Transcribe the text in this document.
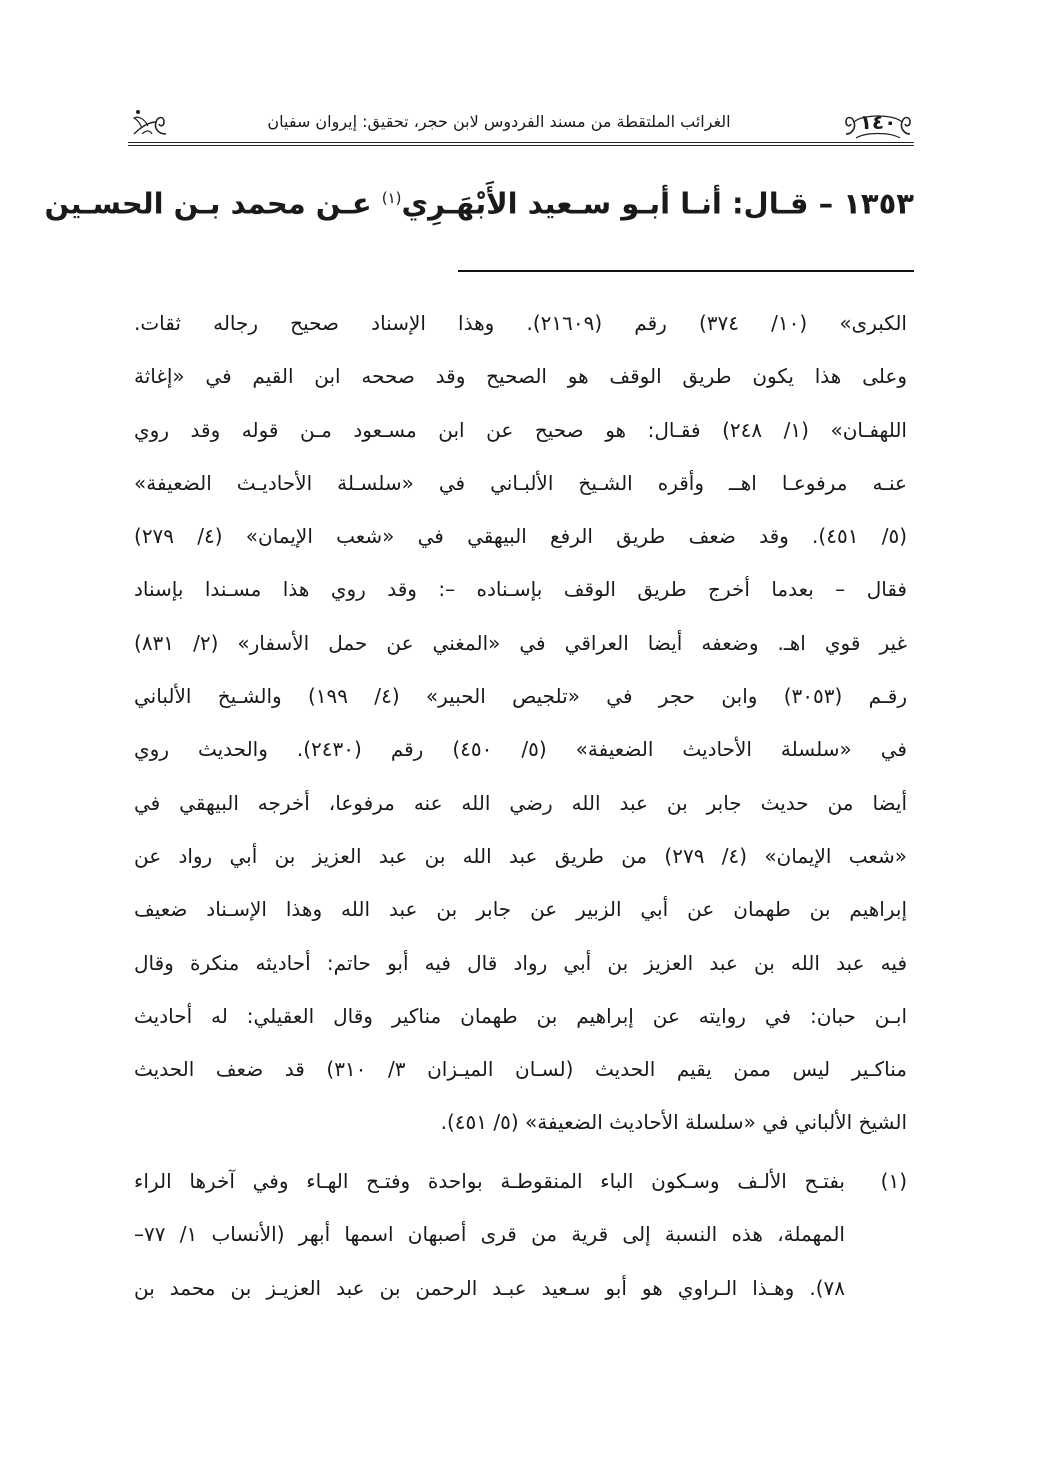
الغرائب الملتقطة من مسند الفردوس لابن حجر، تحقيق: إيروان سفيان	١٤٠
١٣٥٣ – قـال: أنـا أبـو سـعيد الأَبْهَـرِي$^{(١)}$ عـن محمد بـن الحسـين
الكبرى» (١٠/ ٣٧٤) رقم (٢١٦٠٩). وهذا الإسناد صحيح رجاله ثقات.
وعلى هذا يكون طريق الوقف هو الصحيح وقد صححه ابن القيم في «إغاثة
اللهفـان» (١/ ٢٤٨) فقـال: هو صحيح عن ابن مسـعود مـن قوله وقد روي
عنـه مرفوعـا اهــ وأقره الشـيخ الألبـاني في «سلسـلة الأحاديـث الضعيفة»
(٥/ ٤٥١). وقد ضعف طريق الرفع البيهقي في «شعب الإيمان» (٤/ ٢٧٩)
فقال – بعدما أخرج طريق الوقف بإسـناده –: وقد روي هذا مسـندا بإسناد
غير قوي اهـ. وضعفه أيضا العراقي في «المغني عن حمل الأسفار» (٢/ ٨٣١)
رقـم (٣٠٥٣) وابن حجر في «تلجيص الحبير» (٤/ ١٩٩) والشـيخ الألباني
في «سلسلة الأحاديث الضعيفة» (٥/ ٤٥٠) رقم (٢٤٣٠). والحديث روي
أيضا من حديث جابر بن عبد الله رضي الله عنه مرفوعا، أخرجه البيهقي في
«شعب الإيمان» (٤/ ٢٧٩) من طريق عبد الله بن عبد العزيز بن أبي رواد عن
إبراهيم بن طهمان عن أبي الزبير عن جابر بن عبد الله وهذا الإسـناد ضعيف
فيه عبد الله بن عبد العزيز بن أبي رواد قال فيه أبو حاتم: أحاديثه منكرة وقال
ابـن حبان: في روايته عن إبراهيم بن طهمان مناكير وقال العقيلي: له أحاديث
مناكـير ليس ممن يقيم الحديث (لسـان الميـزان ٣/ ٣١٠) قد ضعف الحديث
الشيخ الألباني في «سلسلة الأحاديث الضعيفة» (٥/ ٤٥١).
(١)
بفتـح الألـف وسـكون الباء المنقوطـة بواحدة وفتـح الهـاء وفي آخرها الراء
المهملة، هذه النسبة إلى قرية من قرى أصبهان اسمها أبهر (الأنساب ١/ ٧٧–
٧٨). وهـذا الـراوي هو أبو سـعيد عبـد الرحمن بن عبد العزيـز بن محمد بن
